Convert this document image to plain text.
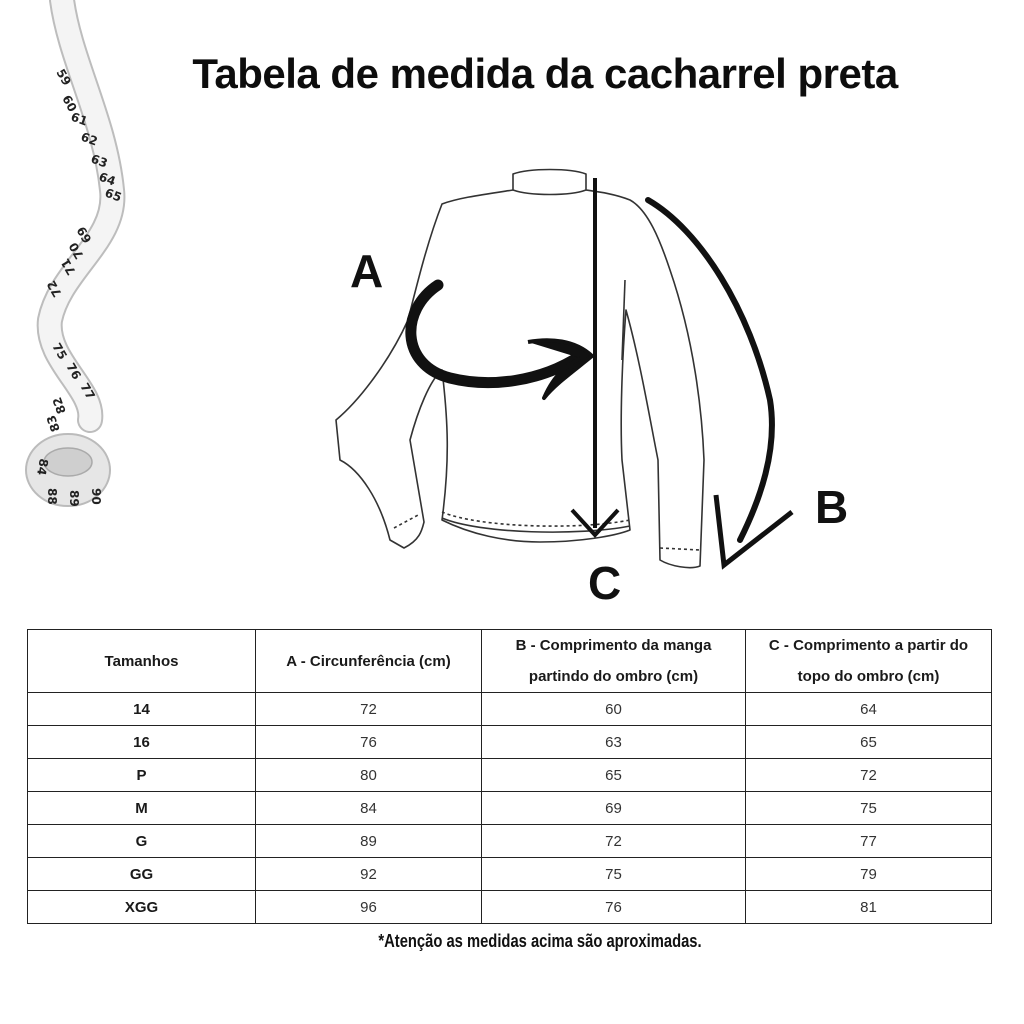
59
60
61
62
63
64
65
69
70
71
72
75
76
77
82
83
84
88 89 90
Tabela de medida da cacharrel preta
A
B
C
Tamanhos	A - Circunferência (cm)	B - Comprimento da manga partindo do ombro (cm)	C - Comprimento a partir do topo do ombro (cm)
14	72	60	64
16	76	63	65
P	80	65	72
M	84	69	75
G	89	72	77
GG	92	75	79
XGG	96	76	81
*Atenção as medidas acima são aproximadas.
